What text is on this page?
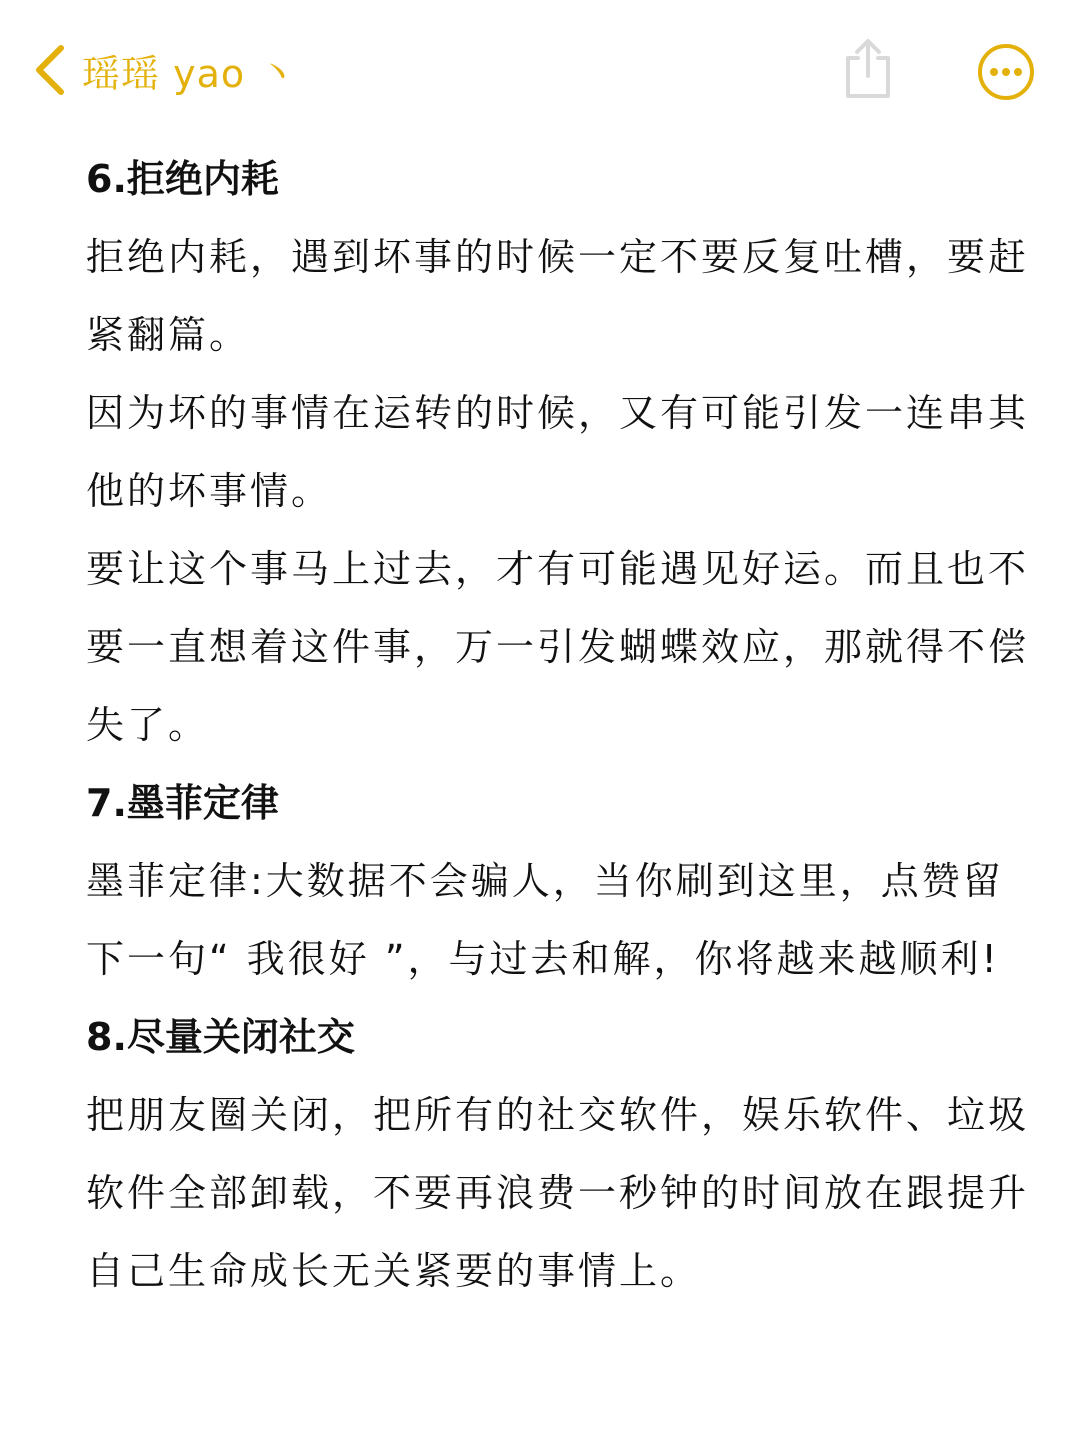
瑶瑶 yao 丶
6.拒绝内耗

拒绝内耗，遇到坏事的时候一定不要反复吐槽，要赶紧翻篇。

因为坏的事情在运转的时候，又有可能引发一连串其他的坏事情。

要让这个事马上过去，才有可能遇见好运。而且也不要一直想着这件事，万一引发蝴蝶效应，那就得不偿失了。

7.墨菲定律

墨菲定律:大数据不会骗人，当你刷到这里，点赞留下一句“ 我很好 ”，与过去和解，你将越来越顺利!

8.尽量关闭社交

把朋友圈关闭，把所有的社交软件，娱乐软件、垃圾软件全部卸载，不要再浪费一秒钟的时间放在跟提升自己生命成长无关紧要的事情上。
